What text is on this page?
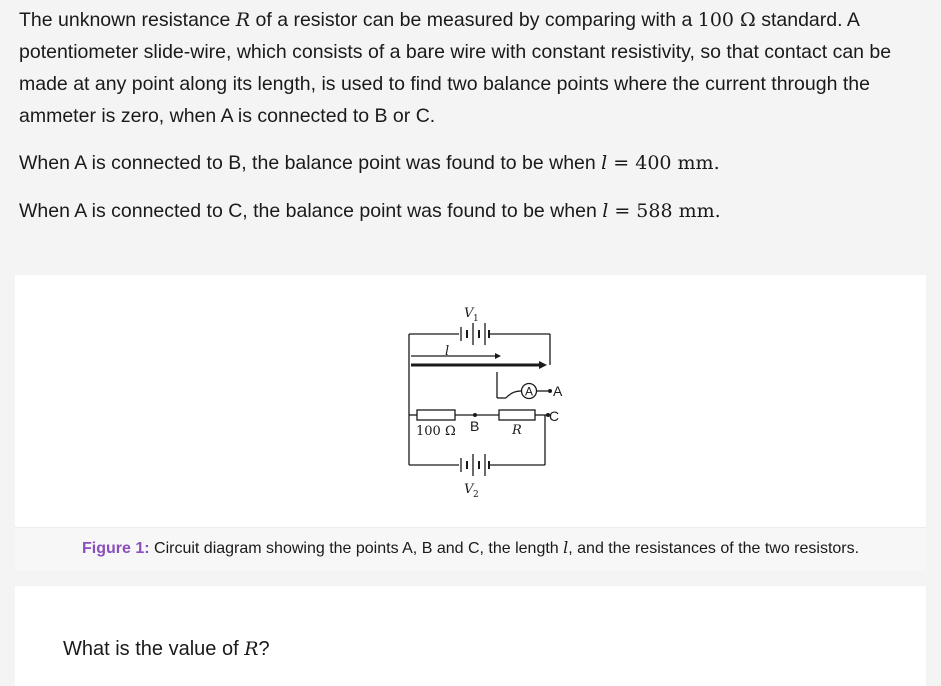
The unknown resistance R of a resistor can be measured by comparing with a 100 Ω standard. A potentiometer slide-wire, which consists of a bare wire with constant resistivity, so that contact can be made at any point along its length, is used to find two balance points where the current through the ammeter is zero, when A is connected to B or C.

When A is connected to B, the balance point was found to be when l = 400 mm.

When A is connected to C, the balance point was found to be when l = 588 mm.

V 1
l
A A
C
B
100 Ω	R
V 2
Figure 1: Circuit diagram showing the points A, B and C, the length l, and the resistances of the two resistors.

What is the value of R?
